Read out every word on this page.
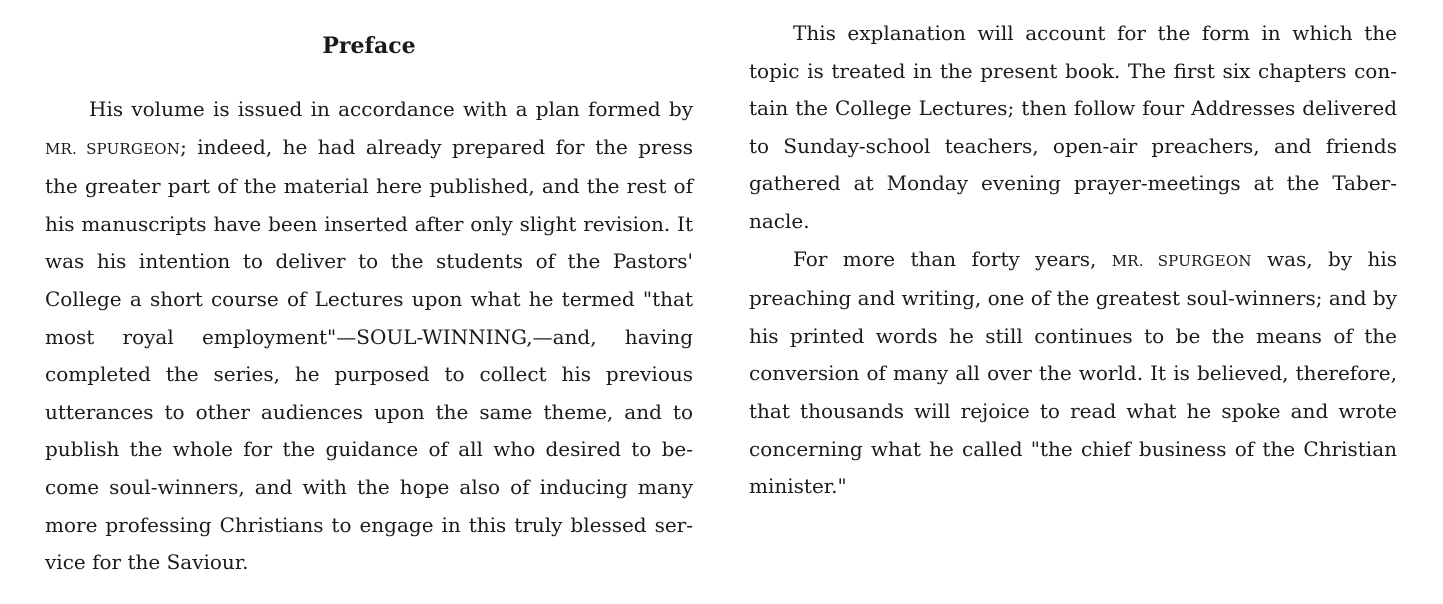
Preface

His volume is issued in accordance with a plan formed by MR. SPURGEON; indeed, he had already prepared for the press the greater part of the material here published, and the rest of his manuscripts have been inserted after only slight revision. It was his intention to deliver to the students of the Pastors' College a short course of Lectures upon what he termed "that most royal employment"—SOUL-WINNING,—and, having completed the series, he purposed to collect his previous utterances to other audiences upon the same theme, and to publish the whole for the guidance of all who desired to become soul-winners, and with the hope also of inducing many more professing Christians to engage in this truly blessed service for the Saviour.

This explanation will account for the form in which the topic is treated in the present book. The first six chapters contain the College Lectures; then follow four Addresses delivered to Sunday-school teachers, open-air preachers, and friends gathered at Monday evening prayer-meetings at the Tabernacle.

For more than forty years, MR. SPURGEON was, by his preaching and writing, one of the greatest soul-winners; and by his printed words he still continues to be the means of the conversion of many all over the world. It is believed, therefore, that thousands will rejoice to read what he spoke and wrote concerning what he called "the chief business of the Christian minister."
